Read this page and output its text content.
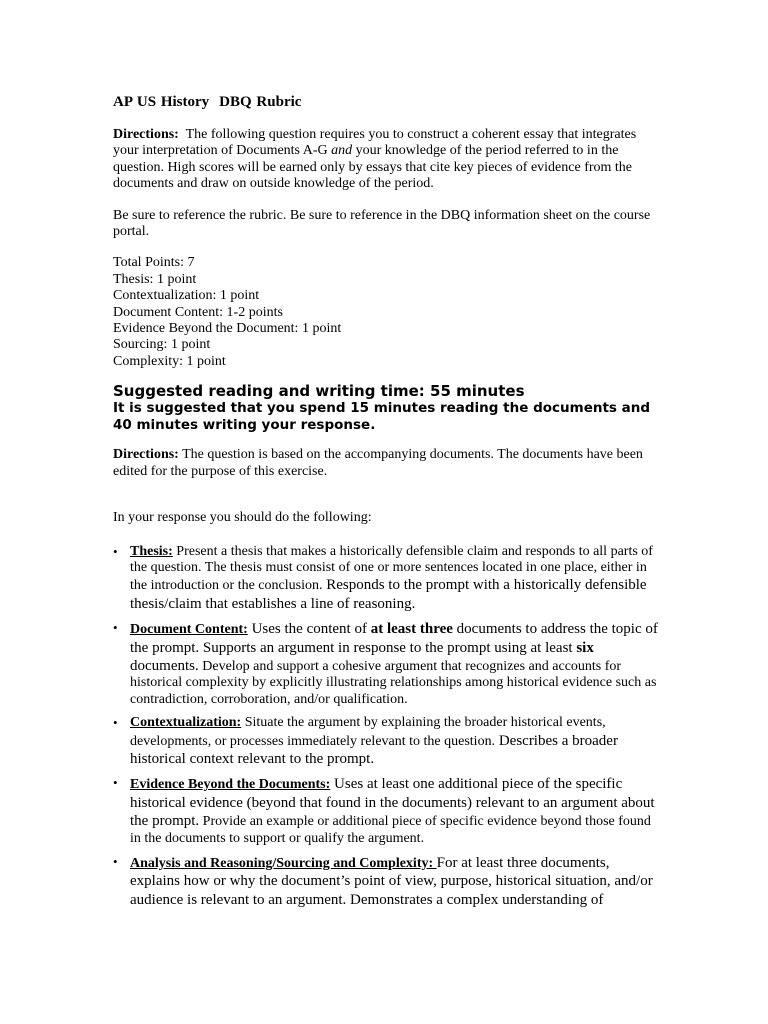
AP US History DBQ Rubric

Directions: The following question requires you to construct a coherent essay that integrates your interpretation of Documents A-G and your knowledge of the period referred to in the question. High scores will be earned only by essays that cite key pieces of evidence from the documents and draw on outside knowledge of the period.

Be sure to reference the rubric. Be sure to reference in the DBQ information sheet on the course portal.

Total Points: 7
Thesis: 1 point
Contextualization: 1 point
Document Content: 1-2 points
Evidence Beyond the Document: 1 point
Sourcing: 1 point
Complexity: 1 point
Suggested reading and writing time: 55 minutes
It is suggested that you spend 15 minutes reading the documents and 40 minutes writing your response.

Directions: The question is based on the accompanying documents. The documents have been edited for the purpose of this exercise.

In your response you should do the following:

• Thesis: Present a thesis that makes a historically defensible claim and responds to all parts of the question. The thesis must consist of one or more sentences located in one place, either in the introduction or the conclusion. Responds to the prompt with a historically defensible thesis/claim that establishes a line of reasoning.
• Document Content: Uses the content of at least three documents to address the topic of the prompt. Supports an argument in response to the prompt using at least six documents. Develop and support a cohesive argument that recognizes and accounts for historical complexity by explicitly illustrating relationships among historical evidence such as contradiction, corroboration, and/or qualification.
• Contextualization: Situate the argument by explaining the broader historical events, developments, or processes immediately relevant to the question. Describes a broader historical context relevant to the prompt.
• Evidence Beyond the Documents: Uses at least one additional piece of the specific historical evidence (beyond that found in the documents) relevant to an argument about the prompt. Provide an example or additional piece of specific evidence beyond those found in the documents to support or qualify the argument.
• Analysis and Reasoning/Sourcing and Complexity: For at least three documents, explains how or why the document’s point of view, purpose, historical situation, and/or audience is relevant to an argument. Demonstrates a complex understanding of
